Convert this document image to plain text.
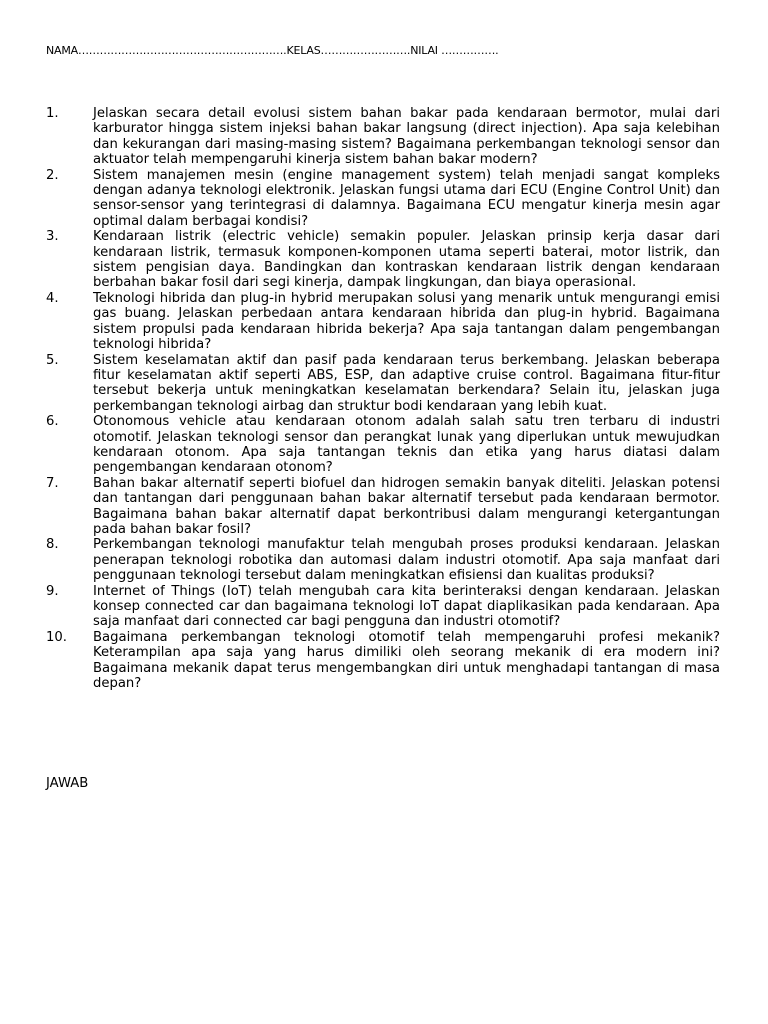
NAMA………………………………………………….KELAS…………………….NILAI …………….
1.	Jelaskan secara detail evolusi sistem bahan bakar pada kendaraan bermotor, mulai dari karburator hingga sistem injeksi bahan bakar langsung (direct injection). Apa saja kelebihan dan kekurangan dari masing-masing sistem? Bagaimana perkembangan teknologi sensor dan aktuator telah mempengaruhi kinerja sistem bahan bakar modern?
2.	Sistem manajemen mesin (engine management system) telah menjadi sangat kompleks dengan adanya teknologi elektronik. Jelaskan fungsi utama dari ECU (Engine Control Unit) dan sensor-sensor yang terintegrasi di dalamnya. Bagaimana ECU mengatur kinerja mesin agar optimal dalam berbagai kondisi?
3.	Kendaraan listrik (electric vehicle) semakin populer. Jelaskan prinsip kerja dasar dari kendaraan listrik, termasuk komponen-komponen utama seperti baterai, motor listrik, dan sistem pengisian daya. Bandingkan dan kontraskan kendaraan listrik dengan kendaraan berbahan bakar fosil dari segi kinerja, dampak lingkungan, dan biaya operasional.
4.	Teknologi hibrida dan plug-in hybrid merupakan solusi yang menarik untuk mengurangi emisi gas buang. Jelaskan perbedaan antara kendaraan hibrida dan plug-in hybrid. Bagaimana sistem propulsi pada kendaraan hibrida bekerja? Apa saja tantangan dalam pengembangan teknologi hibrida?
5.	Sistem keselamatan aktif dan pasif pada kendaraan terus berkembang. Jelaskan beberapa fitur keselamatan aktif seperti ABS, ESP, dan adaptive cruise control. Bagaimana fitur-fitur tersebut bekerja untuk meningkatkan keselamatan berkendara? Selain itu, jelaskan juga perkembangan teknologi airbag dan struktur bodi kendaraan yang lebih kuat.
6.	Otonomous vehicle atau kendaraan otonom adalah salah satu tren terbaru di industri otomotif. Jelaskan teknologi sensor dan perangkat lunak yang diperlukan untuk mewujudkan kendaraan otonom. Apa saja tantangan teknis dan etika yang harus diatasi dalam pengembangan kendaraan otonom?
7.	Bahan bakar alternatif seperti biofuel dan hidrogen semakin banyak diteliti. Jelaskan potensi dan tantangan dari penggunaan bahan bakar alternatif tersebut pada kendaraan bermotor. Bagaimana bahan bakar alternatif dapat berkontribusi dalam mengurangi ketergantungan pada bahan bakar fosil?
8.	Perkembangan teknologi manufaktur telah mengubah proses produksi kendaraan. Jelaskan penerapan teknologi robotika dan automasi dalam industri otomotif. Apa saja manfaat dari penggunaan teknologi tersebut dalam meningkatkan efisiensi dan kualitas produksi?
9.	Internet of Things (IoT) telah mengubah cara kita berinteraksi dengan kendaraan. Jelaskan konsep connected car dan bagaimana teknologi IoT dapat diaplikasikan pada kendaraan. Apa saja manfaat dari connected car bagi pengguna dan industri otomotif?
10.	Bagaimana perkembangan teknologi otomotif telah mempengaruhi profesi mekanik? Keterampilan apa saja yang harus dimiliki oleh seorang mekanik di era modern ini? Bagaimana mekanik dapat terus mengembangkan diri untuk menghadapi tantangan di masa depan?
JAWAB
